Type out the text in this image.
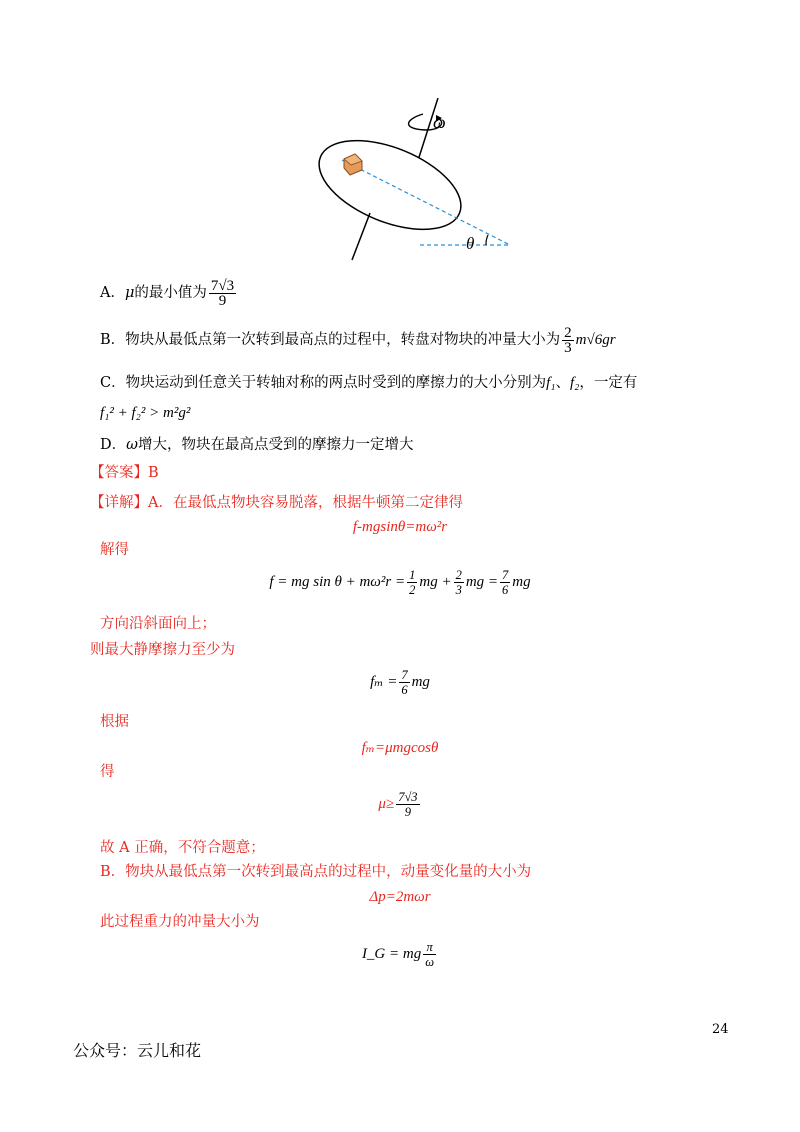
ω
θ
A．μ的最小值为 $\frac{7√3}{9}$
B．物块从最低点第一次转到最高点的过程中，转盘对物块的冲量大小为 $\frac{2}{3} m√6gr$
C．物块运动到任意关于转轴对称的两点时受到的摩擦力的大小分别为f₁、f₂，一定有
f₁² + f₂² > m²g²
D．ω增大，物块在最高点受到的摩擦力一定增大
【答案】B
【详解】A．在最低点物块容易脱落，根据牛顿第二定律得
f-mgsinθ=mω²r
解得
f = mg $\sin \theta + m\omega^2r = \frac{1}{2}$ mg + $\frac{2}{3}$ mg = $\frac{7}{6}$ mg
方向沿斜面向上；
则最大静摩擦力至少为
$f_m = \frac{7}{6}$ mg
根据
fₘ=μmgcosθ
得
$\mu\ge \frac{7√3}{9}$
故 A 正确，不符合题意；
B．物块从最低点第一次转到最高点的过程中，动量变化量的大小为
Δp=2mωr
此过程重力的冲量大小为
I_G = mg $\frac{\pi}{\omega}$
24
公众号：云儿和花
